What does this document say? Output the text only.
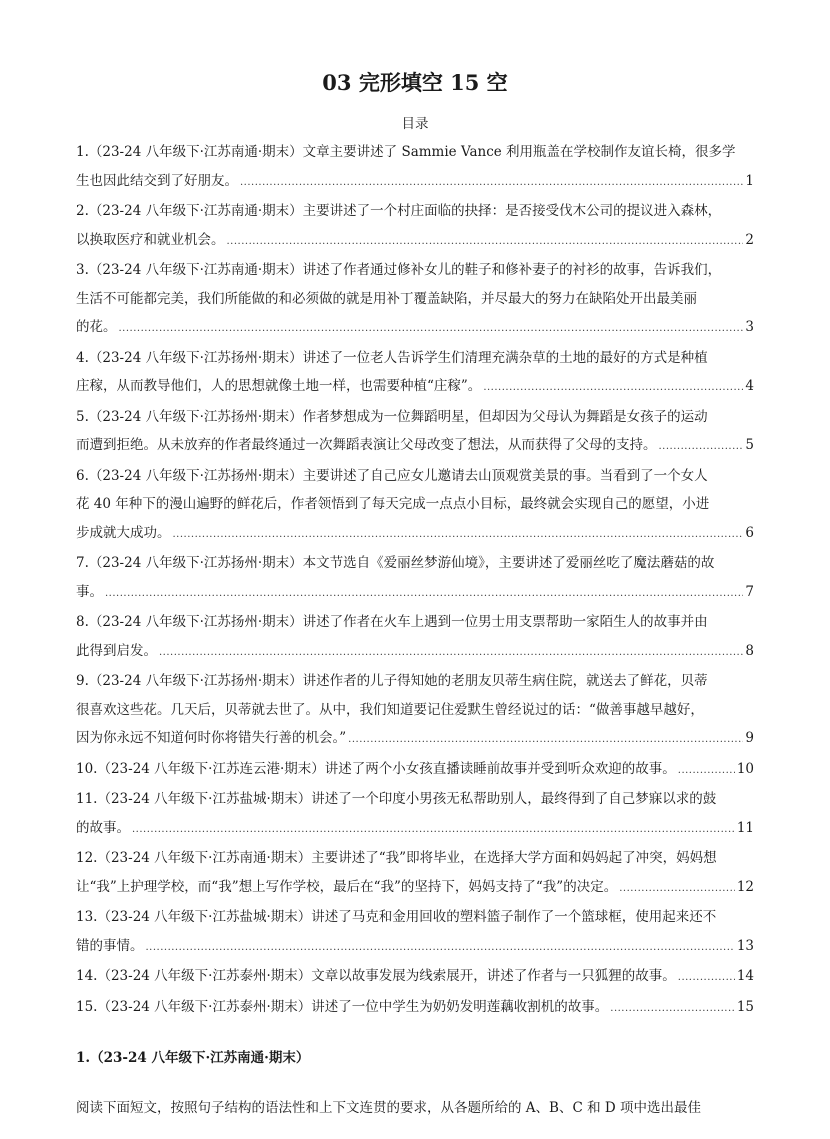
03 完形填空 15 空
目录
1.（23-24 八年级下·江苏南通·期末）文章主要讲述了 Sammie Vance 利用瓶盖在学校制作友谊长椅，很多学
生也因此结交到了好朋友。 .....	1
2.（23-24 八年级下·江苏南通·期末）主要讲述了一个村庄面临的抉择：是否接受伐木公司的提议进入森林，
以换取医疗和就业机会。 .....	2
3.（23-24 八年级下·江苏南通·期末）讲述了作者通过修补女儿的鞋子和修补妻子的衬衫的故事，告诉我们，
生活不可能都完美，我们所能做的和必须做的就是用补丁覆盖缺陷，并尽最大的努力在缺陷处开出最美丽
的花。 .....	3
4.（23-24 八年级下·江苏扬州·期末）讲述了一位老人告诉学生们清理充满杂草的土地的最好的方式是种植
庄稼，从而教导他们，人的思想就像土地一样，也需要种植“庄稼”。 .....	4
5.（23-24 八年级下·江苏扬州·期末）作者梦想成为一位舞蹈明星，但却因为父母认为舞蹈是女孩子的运动
而遭到拒绝。从未放弃的作者最终通过一次舞蹈表演让父母改变了想法，从而获得了父母的支持。 .....	5
6.（23-24 八年级下·江苏扬州·期末）主要讲述了自己应女儿邀请去山顶观赏美景的事。当看到了一个女人
花 40 年种下的漫山遍野的鲜花后，作者领悟到了每天完成一点点小目标，最终就会实现自己的愿望，小进
步成就大成功。 .....	6
7.（23-24 八年级下·江苏扬州·期末）本文节选自《爱丽丝梦游仙境》，主要讲述了爱丽丝吃了魔法蘑菇的故
事。 .....	7
8.（23-24 八年级下·江苏扬州·期末）讲述了作者在火车上遇到一位男士用支票帮助一家陌生人的故事并由
此得到启发。 .....	8
9.（23-24 八年级下·江苏扬州·期末）讲述作者的儿子得知她的老朋友贝蒂生病住院，就送去了鲜花，贝蒂
很喜欢这些花。几天后，贝蒂就去世了。从中，我们知道要记住爱默生曾经说过的话：“做善事越早越好，
因为你永远不知道何时你将错失行善的机会。” .....	9
10.（23-24 八年级下·江苏连云港·期末）讲述了两个小女孩直播读睡前故事并受到听众欢迎的故事。 .....	10
11.（23-24 八年级下·江苏盐城·期末）讲述了一个印度小男孩无私帮助别人，最终得到了自己梦寐以求的鼓
的故事。 .....	11
12.（23-24 八年级下·江苏南通·期末）主要讲述了“我”即将毕业，在选择大学方面和妈妈起了冲突，妈妈想
让“我”上护理学校，而“我”想上写作学校，最后在“我”的坚持下，妈妈支持了“我”的决定。 .....	12
13.（23-24 八年级下·江苏盐城·期末）讲述了马克和金用回收的塑料篮子制作了一个篮球框，使用起来还不
错的事情。 .....	13
14.（23-24 八年级下·江苏泰州·期末）文章以故事发展为线索展开，讲述了作者与一只狐狸的故事。 .....	14
15.（23-24 八年级下·江苏泰州·期末）讲述了一位中学生为奶奶发明莲藕收割机的故事。 .....	15
1.（23-24 八年级下·江苏南通·期末）
阅读下面短文，按照句子结构的语法性和上下文连贯的要求，从各题所给的 A、B、C 和 D 项中选出最佳
